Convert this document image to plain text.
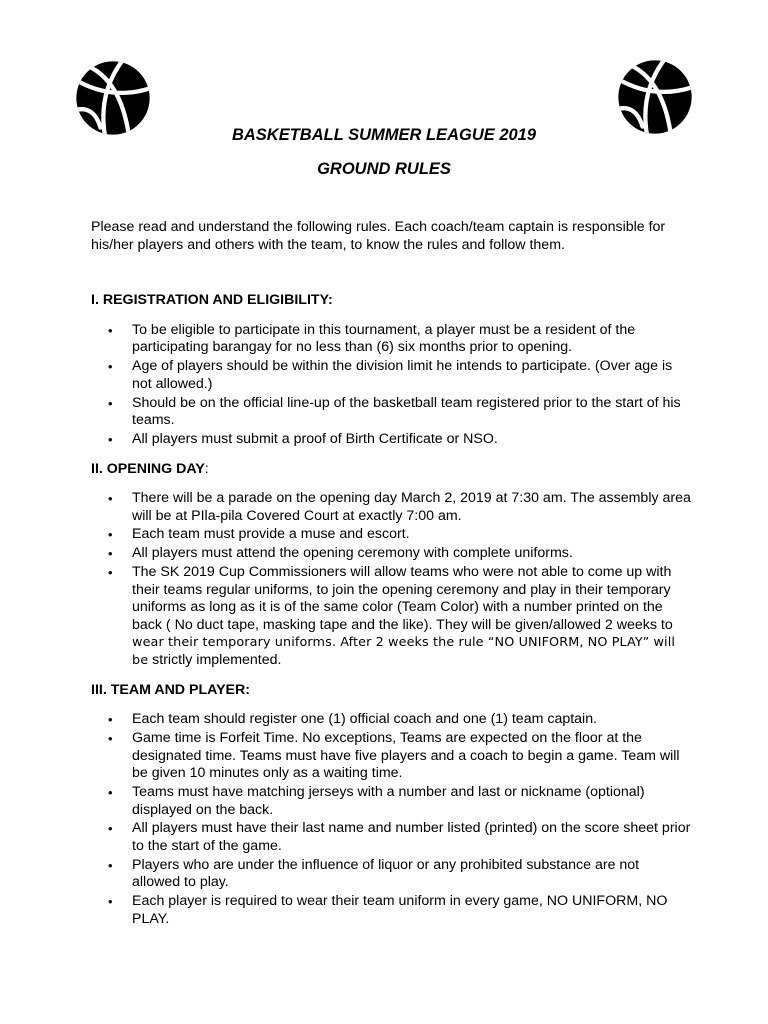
BASKETBALL SUMMER LEAGUE 2019
GROUND RULES

Please read and understand the following rules. Each coach/team captain is responsible for his/her players and others with the team, to know the rules and follow them.

I. REGISTRATION AND ELIGIBILITY:
• To be eligible to participate in this tournament, a player must be a resident of the participating barangay for no less than (6) six months prior to opening.
• Age of players should be within the division limit he intends to participate. (Over age is not allowed.)
• Should be on the official line-up of the basketball team registered prior to the start of his teams.
• All players must submit a proof of Birth Certificate or NSO.
II. OPENING DAY:
• There will be a parade on the opening day March 2, 2019 at 7:30 am. The assembly area will be at PIla-pila Covered Court at exactly 7:00 am.
• Each team must provide a muse and escort.
• All players must attend the opening ceremony with complete uniforms.
• The SK 2019 Cup Commissioners will allow teams who were not able to come up with their teams regular uniforms, to join the opening ceremony and play in their temporary uniforms as long as it is of the same color (Team Color) with a number printed on the back ( No duct tape, masking tape and the like). They will be given/allowed 2 weeks to wear their temporary uniforms. After 2 weeks the rule “NO UNIFORM, NO PLAY” will be strictly implemented.
III. TEAM AND PLAYER:
• Each team should register one (1) official coach and one (1) team captain.
• Game time is Forfeit Time. No exceptions, Teams are expected on the floor at the designated time. Teams must have five players and a coach to begin a game. Team will be given 10 minutes only as a waiting time.
• Teams must have matching jerseys with a number and last or nickname (optional) displayed on the back.
• All players must have their last name and number listed (printed) on the score sheet prior to the start of the game.
• Players who are under the influence of liquor or any prohibited substance are not allowed to play.
• Each player is required to wear their team uniform in every game, NO UNIFORM, NO PLAY.
